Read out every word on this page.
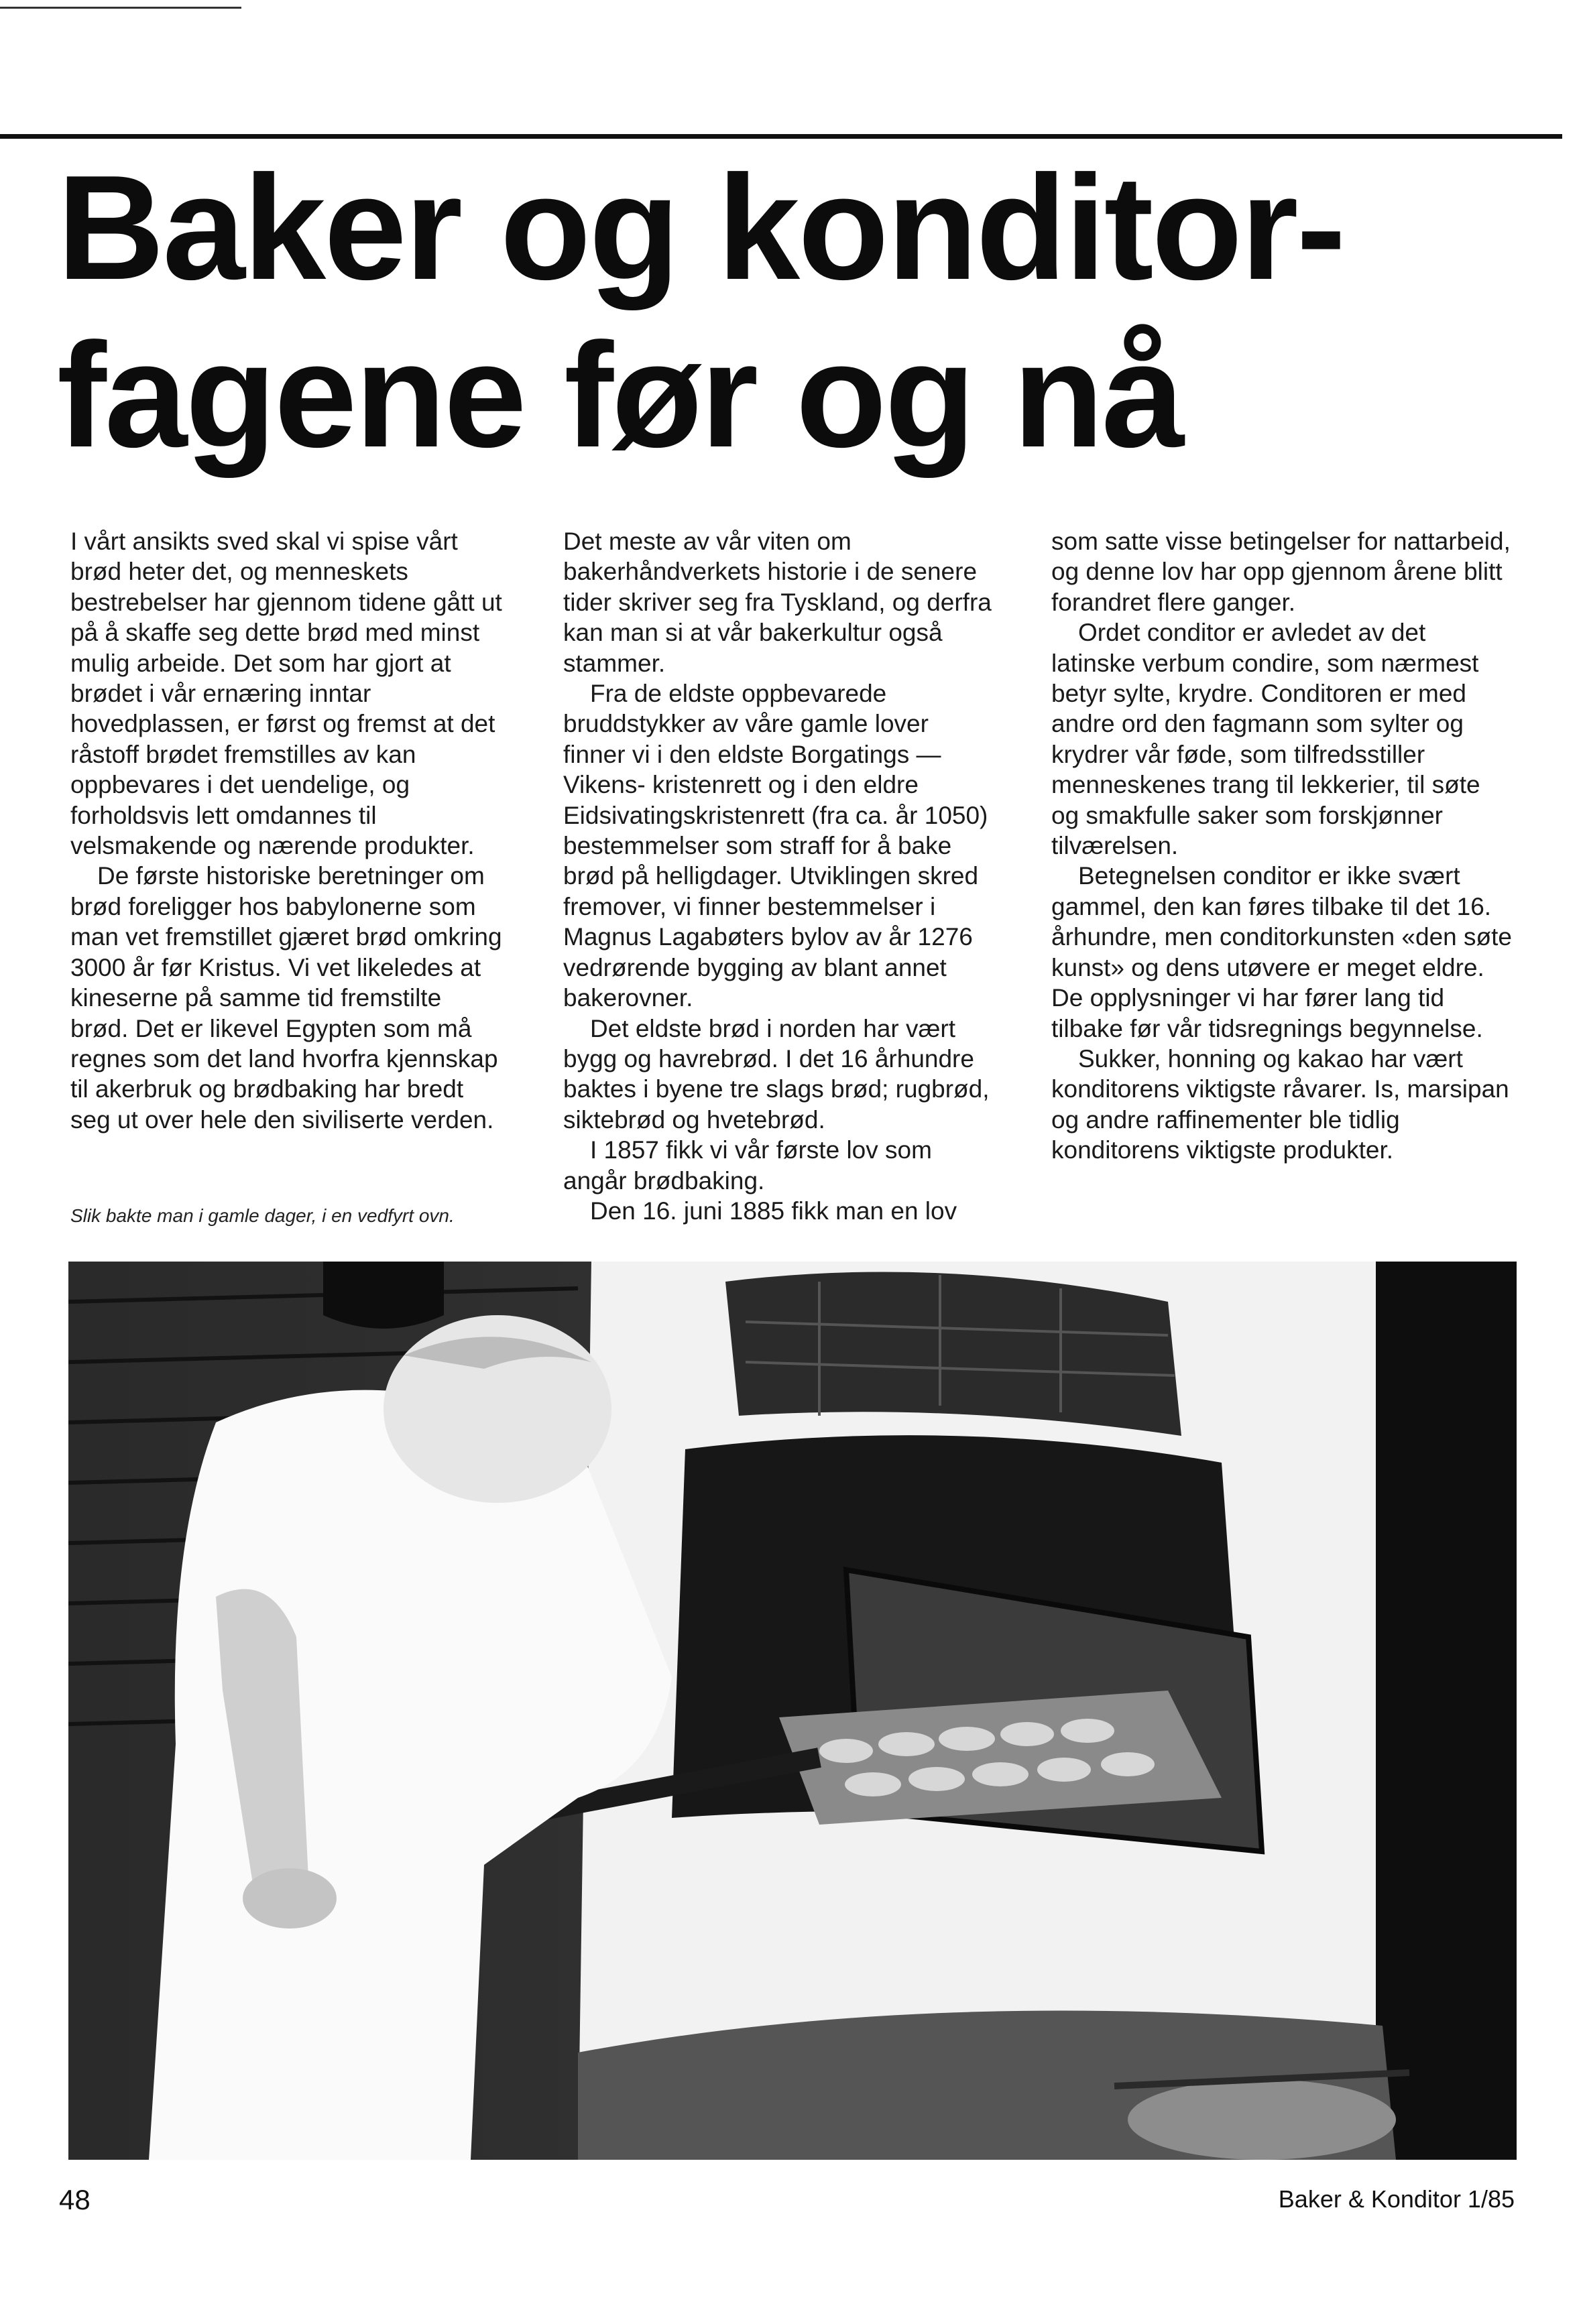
Baker og konditor-
fagene før og nå

I vårt ansikts sved skal vi spise vårt brød heter det, og menneskets bestrebelser har gjennom tidene gått ut på å skaffe seg dette brød med minst mulig arbeide. Det som har gjort at brødet i vår ernæring inntar hovedplassen, er først og fremst at det råstoff brødet fremstilles av kan oppbevares i det uendelige, og forholdsvis lett omdannes til velsmakende og nærende produkter.

De første historiske beretninger om brød foreligger hos babylonerne som man vet fremstillet gjæret brød omkring 3000 år før Kristus. Vi vet likeledes at kineserne på samme tid fremstilte brød. Det er likevel Egypten som må regnes som det land hvorfra kjennskap til akerbruk og brødbaking har bredt seg ut over hele den siviliserte verden.

Det meste av vår viten om bakerhåndverkets historie i de senere tider skriver seg fra Tyskland, og derfra kan man si at vår bakerkultur også stammer.

Fra de eldste oppbevarede bruddstykker av våre gamle lover finner vi i den eldste Borgatings — Vikens- kristenrett og i den eldre Eidsivatingskristenrett (fra ca. år 1050) bestemmelser som straff for å bake brød på helligdager. Utviklingen skred fremover, vi finner bestemmelser i Magnus Lagabøters bylov av år 1276 vedrørende bygging av blant annet bakerovner.

Det eldste brød i norden har vært bygg og havrebrød. I det 16 århundre baktes i byene tre slags brød; rugbrød, siktebrød og hvetebrød.

I 1857 fikk vi vår første lov som angår brødbaking.

Den 16. juni 1885 fikk man en lov

som satte visse betingelser for nattarbeid, og denne lov har opp gjennom årene blitt forandret flere ganger.

Ordet conditor er avledet av det latinske verbum condire, som nærmest betyr sylte, krydre. Conditoren er med andre ord den fagmann som sylter og krydrer vår føde, som tilfredsstiller menneskenes trang til lekkerier, til søte og smakfulle saker som forskjønner tilværelsen.

Betegnelsen conditor er ikke svært gammel, den kan føres tilbake til det 16. århundre, men conditorkunsten «den søte kunst» og dens utøvere er meget eldre. De opplysninger vi har fører lang tid tilbake før vår tidsregnings begynnelse.

Sukker, honning og kakao har vært konditorens viktigste råvarer. Is, marsipan og andre raffinementer ble tidlig konditorens viktigste produkter.

Slik bakte man i gamle dager, i en vedfyrt ovn.
48	Baker & Konditor 1/85
